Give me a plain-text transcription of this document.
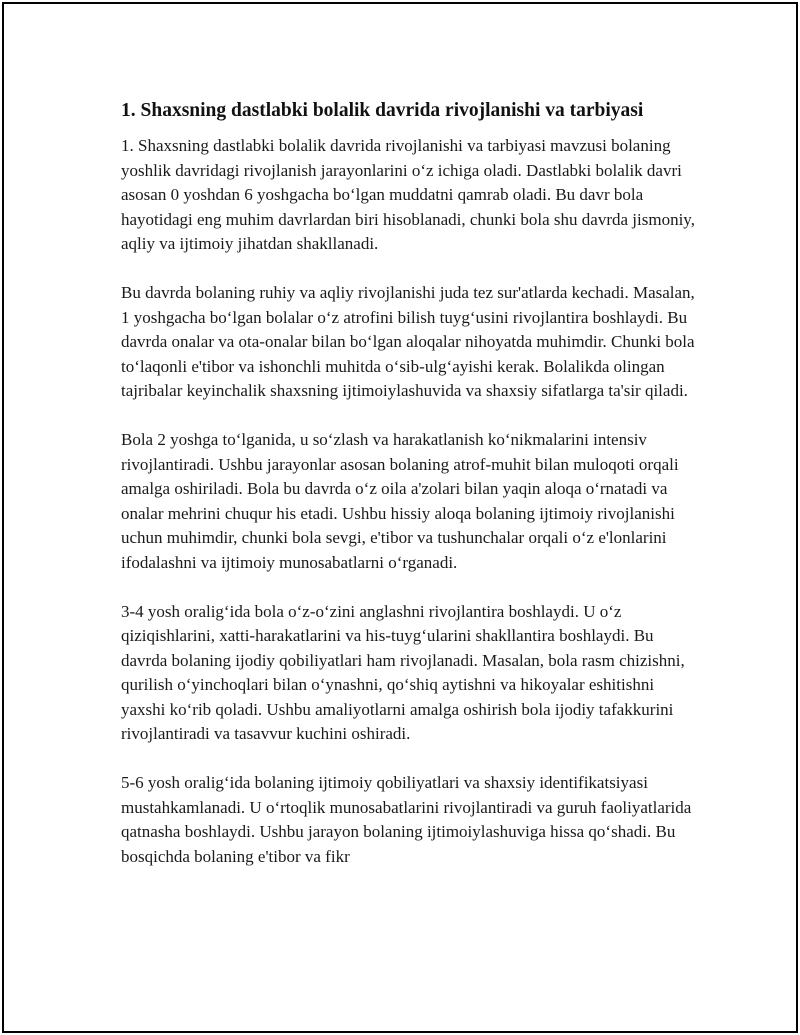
1. Shaxsning dastlabki bolalik davrida rivojlanishi va tarbiyasi

1. Shaxsning dastlabki bolalik davrida rivojlanishi va tarbiyasi mavzusi bolaning yoshlik davridagi rivojlanish jarayonlarini o‘z ichiga oladi. Dastlabki bolalik davri asosan 0 yoshdan 6 yoshgacha bo‘lgan muddatni qamrab oladi. Bu davr bola hayotidagi eng muhim davrlardan biri hisoblanadi, chunki bola shu davrda jismoniy, aqliy va ijtimoiy jihatdan shakllanadi.

Bu davrda bolaning ruhiy va aqliy rivojlanishi juda tez sur'atlarda kechadi. Masalan, 1 yoshgacha bo‘lgan bolalar o‘z atrofini bilish tuyg‘usini rivojlantira boshlaydi. Bu davrda onalar va ota-onalar bilan bo‘lgan aloqalar nihoyatda muhimdir. Chunki bola to‘laqonli e'tibor va ishonchli muhitda o‘sib-ulg‘ayishi kerak. Bolalikda olingan tajribalar keyinchalik shaxsning ijtimoiylashuvida va shaxsiy sifatlarga ta'sir qiladi.

Bola 2 yoshga to‘lganida, u so‘zlash va harakatlanish ko‘nikmalarini intensiv rivojlantiradi. Ushbu jarayonlar asosan bolaning atrof-muhit bilan muloqoti orqali amalga oshiriladi. Bola bu davrda o‘z oila a'zolari bilan yaqin aloqa o‘rnatadi va onalar mehrini chuqur his etadi. Ushbu hissiy aloqa bolaning ijtimoiy rivojlanishi uchun muhimdir, chunki bola sevgi, e'tibor va tushunchalar orqali o‘z e'lonlarini ifodalashni va ijtimoiy munosabatlarni o‘rganadi.

3-4 yosh oralig‘ida bola o‘z-o‘zini anglashni rivojlantira boshlaydi. U o‘z qiziqishlarini, xatti-harakatlarini va his-tuyg‘ularini shakllantira boshlaydi. Bu davrda bolaning ijodiy qobiliyatlari ham rivojlanadi. Masalan, bola rasm chizishni, qurilish o‘yinchoqlari bilan o‘ynashni, qo‘shiq aytishni va hikoyalar eshitishni yaxshi ko‘rib qoladi. Ushbu amaliyotlarni amalga oshirish bola ijodiy tafakkurini rivojlantiradi va tasavvur kuchini oshiradi.

5-6 yosh oralig‘ida bolaning ijtimoiy qobiliyatlari va shaxsiy identifikatsiyasi mustahkamlanadi. U o‘rtoqlik munosabatlarini rivojlantiradi va guruh faoliyatlarida qatnasha boshlaydi. Ushbu jarayon bolaning ijtimoiylashuviga hissa qo‘shadi. Bu bosqichda bolaning e'tibor va fikr
